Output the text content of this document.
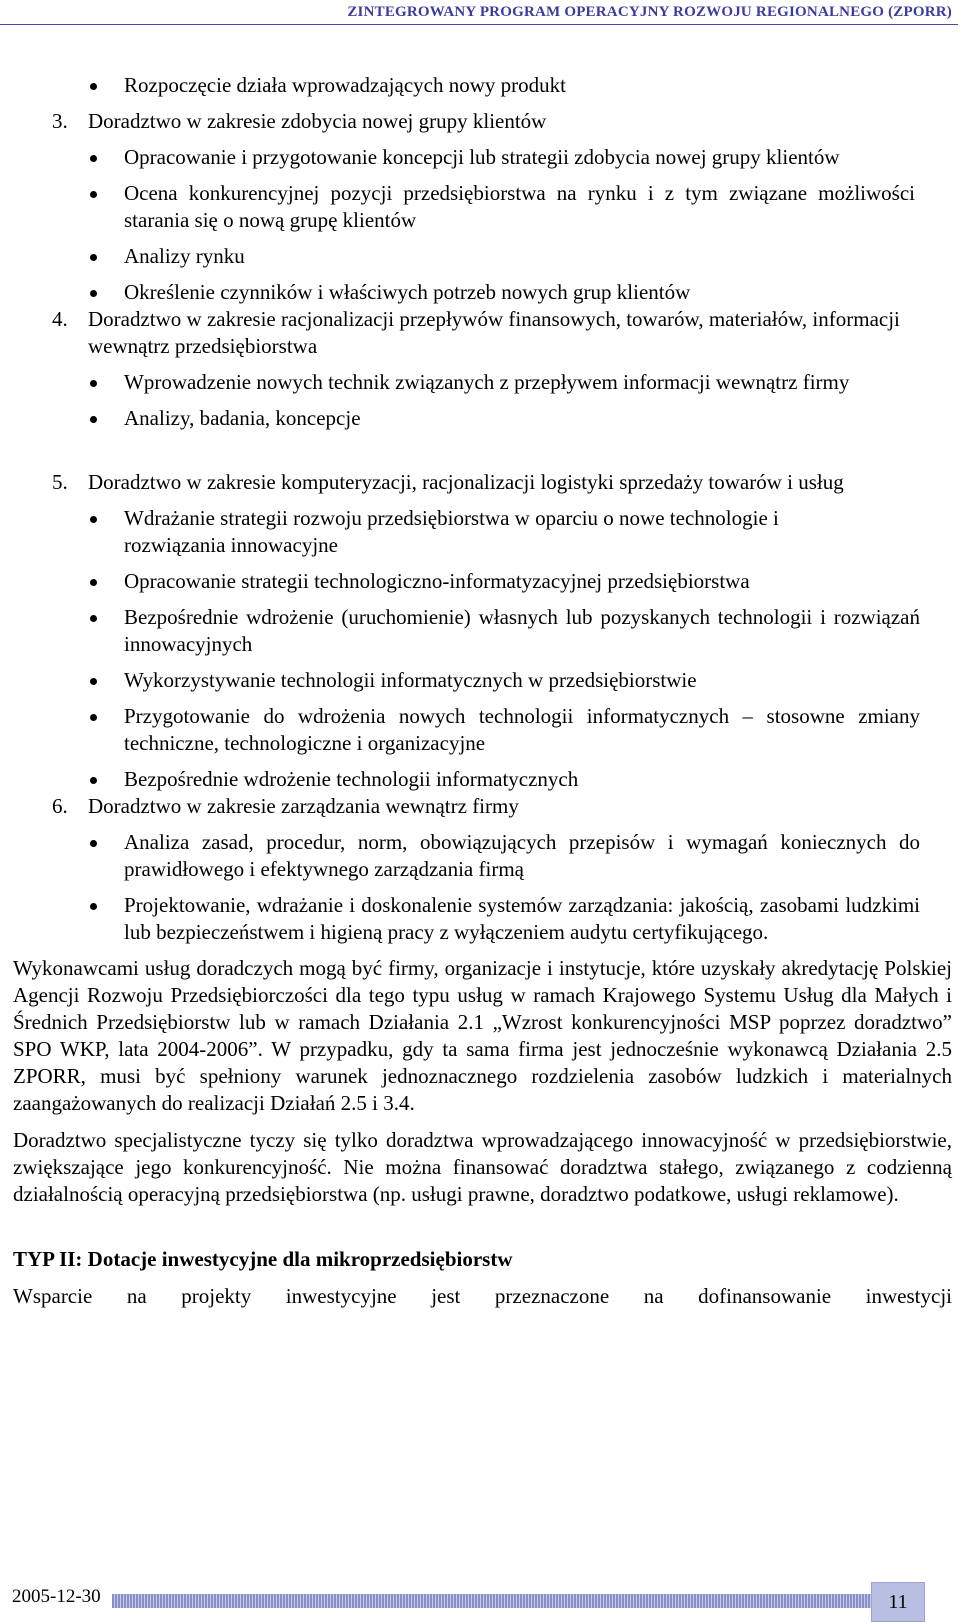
ZINTEGROWANY PROGRAM OPERACYJNY ROZWOJU REGIONALNEGO (ZPORR)
Rozpoczęcie działa wprowadzających nowy produkt
3. Doradztwo w zakresie zdobycia nowej grupy klientów
Opracowanie i przygotowanie koncepcji lub strategii zdobycia nowej grupy klientów
Ocena konkurencyjnej pozycji przedsiębiorstwa na rynku i z tym związane możliwości starania się o nową grupę klientów
Analizy rynku
Określenie czynników i właściwych potrzeb nowych grup klientów
4. Doradztwo w zakresie racjonalizacji przepływów finansowych, towarów, materiałów, informacji wewnątrz przedsiębiorstwa
Wprowadzenie nowych technik związanych z przepływem informacji wewnątrz firmy
Analizy, badania, koncepcje
5. Doradztwo w zakresie komputeryzacji, racjonalizacji logistyki sprzedaży towarów i usług
Wdrażanie strategii rozwoju przedsiębiorstwa w oparciu o nowe technologie i rozwiązania innowacyjne
Opracowanie strategii technologiczno-informatyzacyjnej przedsiębiorstwa
Bezpośrednie wdrożenie (uruchomienie) własnych lub pozyskanych technologii i rozwiązań innowacyjnych
Wykorzystywanie technologii informatycznych w przedsiębiorstwie
Przygotowanie do wdrożenia nowych technologii informatycznych – stosowne zmiany techniczne, technologiczne i organizacyjne
Bezpośrednie wdrożenie technologii informatycznych
6. Doradztwo w zakresie zarządzania wewnątrz firmy
Analiza zasad, procedur, norm, obowiązujących przepisów i wymagań koniecznych do prawidłowego i efektywnego zarządzania firmą
Projektowanie, wdrażanie i doskonalenie systemów zarządzania: jakością, zasobami ludzkimi lub bezpieczeństwem i higieną pracy z wyłączeniem audytu certyfikującego.
Wykonawcami usług doradczych mogą być firmy, organizacje i instytucje, które uzyskały akredytację Polskiej Agencji Rozwoju Przedsiębiorczości dla tego typu usług w ramach Krajowego Systemu Usług dla Małych i Średnich Przedsiębiorstw lub w ramach Działania 2.1 „Wzrost konkurencyjności MSP poprzez doradztwo” SPO WKP, lata 2004-2006”. W przypadku, gdy ta sama firma jest jednocześnie wykonawcą Działania 2.5 ZPORR, musi być spełniony warunek jednoznacznego rozdzielenia zasobów ludzkich i materialnych zaangażowanych do realizacji Działań 2.5 i 3.4.
Doradztwo specjalistyczne tyczy się tylko doradztwa wprowadzającego innowacyjność w przedsiębiorstwie, zwiększające jego konkurencyjność. Nie można finansować doradztwa stałego, związanego z codzienną działalnością operacyjną przedsiębiorstwa (np. usługi prawne, doradztwo podatkowe, usługi reklamowe).
TYP II: Dotacje inwestycyjne dla mikroprzedsiębiorstw
Wsparcie na projekty inwestycyjne jest przeznaczone na dofinansowanie inwestycji
2005-12-30	11
